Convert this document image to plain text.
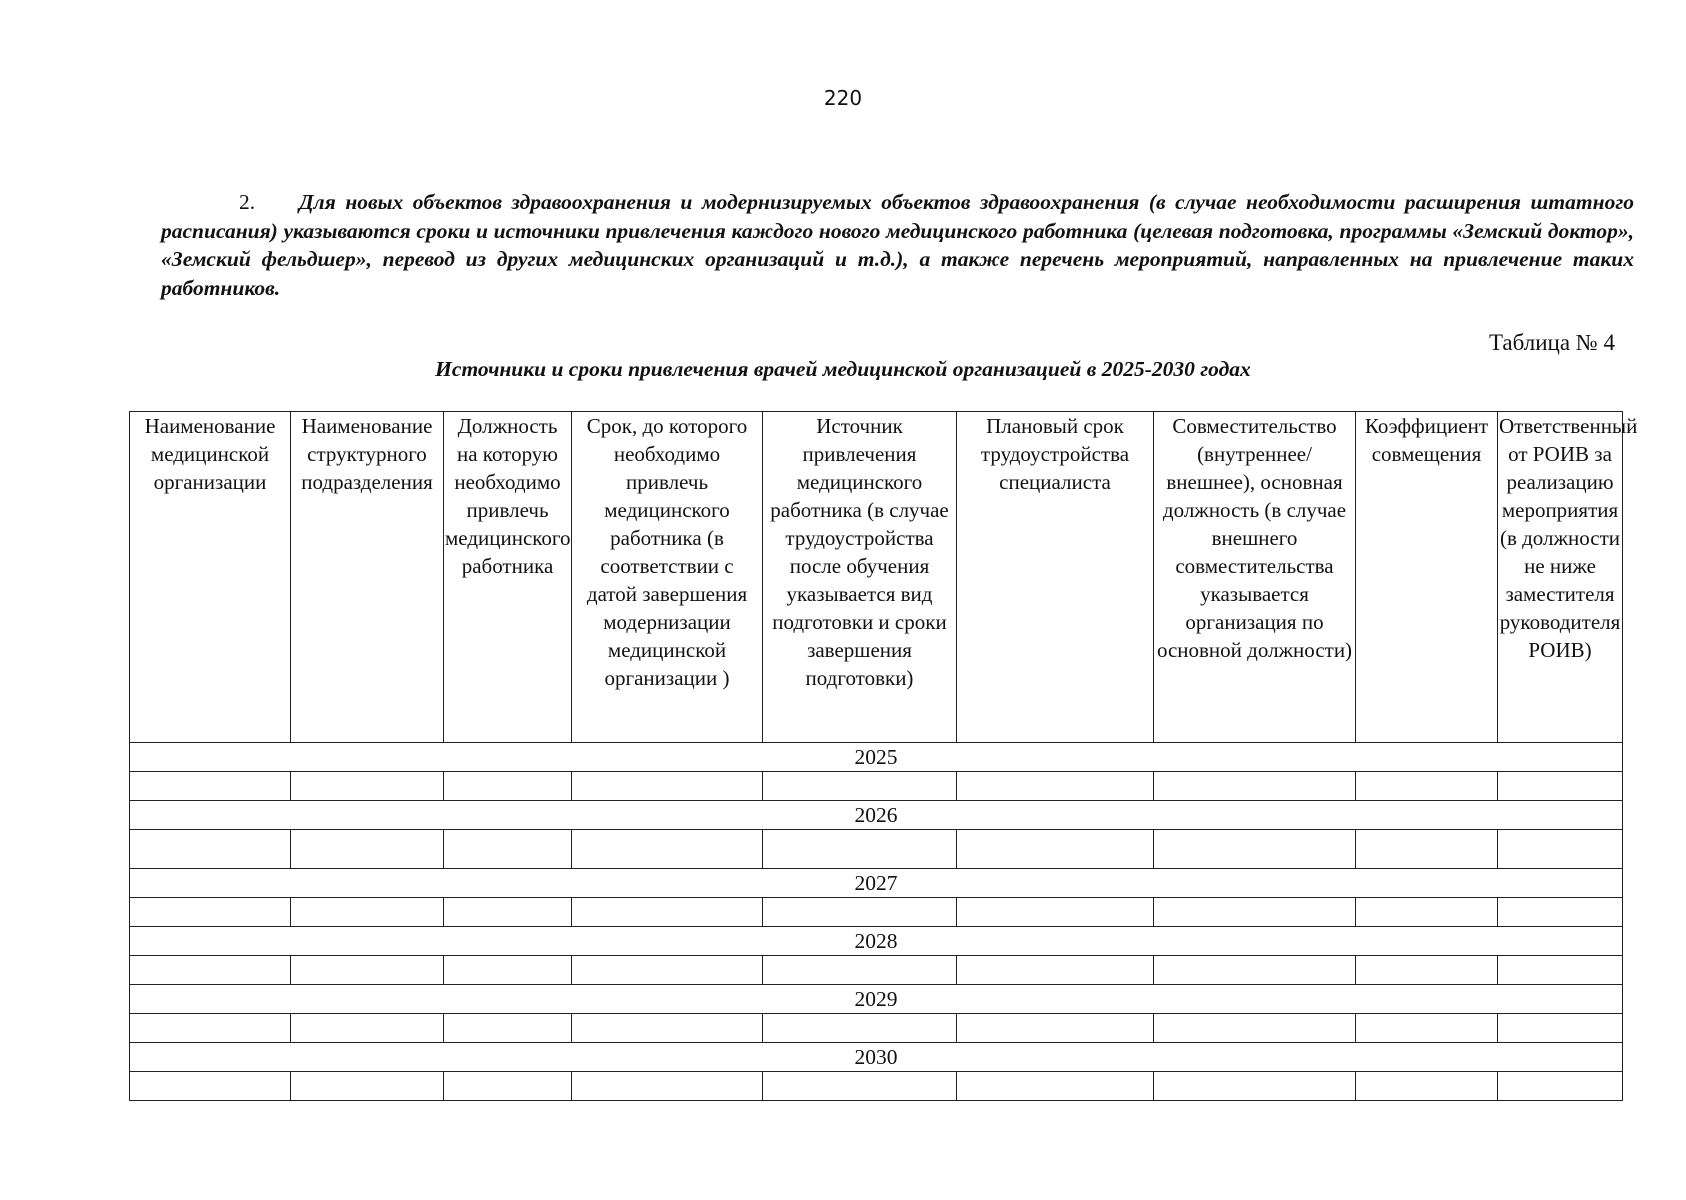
220

2. Для новых объектов здравоохранения и модернизируемых объектов здравоохранения (в случае необходимости расширения штатного расписания) указываются сроки и источники привлечения каждого нового медицинского работника (целевая подготовка, программы «Земский доктор», «Земский фельдшер», перевод из других медицинских организаций и т.д.), а также перечень мероприятий, направленных на привлечение таких работников.

Таблица № 4
Источники и сроки привлечения врачей медицинской организацией в 2025-2030 годах
Наименование медицинской организации	Наименование структурного подразделения	Должность на которую необходимо привлечь медицинского работника	Срок, до которого необходимо привлечь медицинского работника (в соответствии с датой завершения модернизации медицинской организации )	Источник привлечения медицинского работника (в случае трудоустройства после обучения указывается вид подготовки и сроки завершения подготовки)	Плановый срок трудоустройства специалиста	Совместительство (внутреннее/внешнее), основная должность (в случае внешнего совместительства указывается организация по основной должности)	Коэффициент совмещения	Ответственный от РОИВ за реализацию мероприятия (в должности не ниже заместителя руководителя РОИВ)
2025								

2026								

2027								

2028								

2029								

2030								
